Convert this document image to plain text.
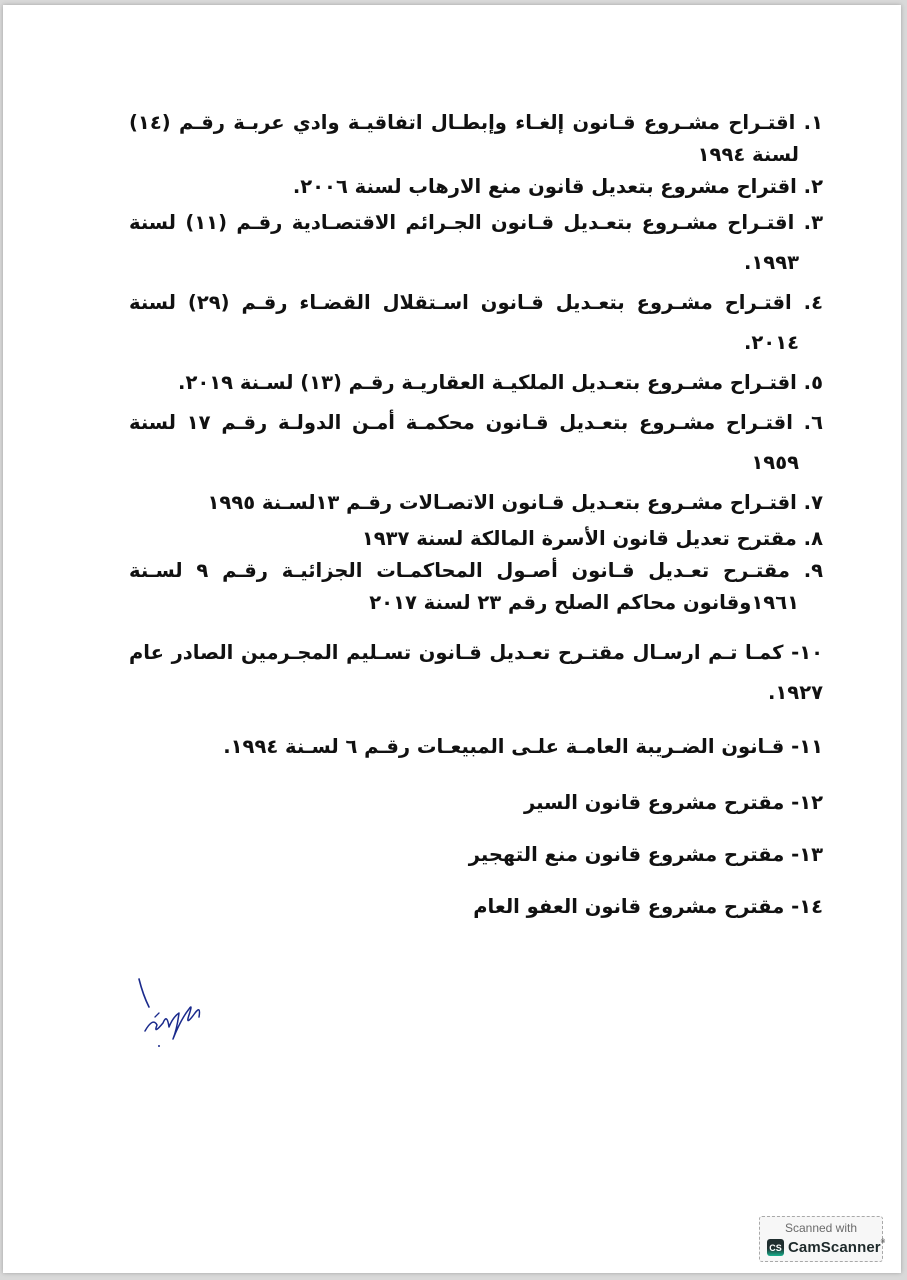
١. اقتـراح مشـروع قـانون إلغـاء وإبطـال اتفاقيـة وادي عربـة رقـم (١٤) لسنة ١٩٩٤

٢. اقتراح مشروع بتعديل قانون منع الارهاب لسنة ٢٠٠٦.

٣. اقتـراح مشـروع بتعـديل قـانون الجـرائم الاقتصـادية رقـم (١١) لسنة ١٩٩٣.

٤. اقتـراح مشـروع بتعـديل قـانون اسـتقلال القضـاء رقـم (٢٩) لسنة ٢٠١٤.

٥. اقتـراح مشـروع بتعـديل الملكيـة العقاريـة رقـم (١٣) لسـنة ٢٠١٩.

٦. اقتـراح مشـروع بتعـديل قـانون محكمـة أمـن الدولـة رقـم ١٧ لسنة ١٩٥٩

٧. اقتـراح مشـروع بتعـديل قـانون الاتصـالات رقـم ١٣لسـنة ١٩٩٥

٨. مقترح تعديل قانون الأسرة المالكة لسنة ١٩٣٧

٩. مقتـرح تعـديل قـانون أصـول المحاكمـات الجزائيـة رقـم ٩ لسـنة ١٩٦١وقانون محاكم الصلح رقم ٢٣ لسنة ٢٠١٧

١٠- كمـا تـم ارسـال مقتـرح تعـديل قـانون تسـليم المجـرمين الصادر عام ١٩٢٧.

١١- قـانون الضـريبة العامـة علـى المبيعـات رقـم ٦ لسـنة ١٩٩٤.

١٢- مقترح مشروع قانون السير

١٣- مقترح مشروع قانون منع التهجير

١٤- مقترح مشروع قانون العفو العام

Scanned with
CS CamScanner®
